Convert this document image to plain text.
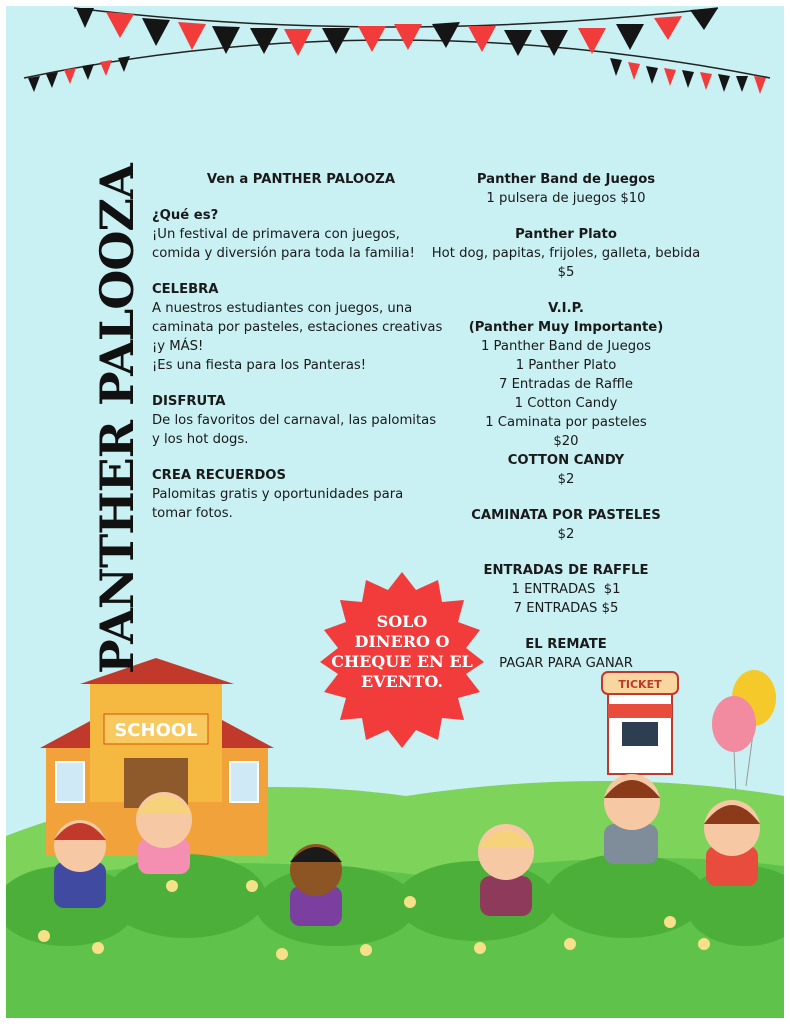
TICKET
SCHOOL
PANTHER PALOOZA	SOLO
DINERO O
CHEQUE EN EL
EVENTO.
Ven a PANTHER PALOOZA
¿Qué es?
¡Un festival de primavera con juegos,
comida y diversión para toda la familia!
CELEBRA
A nuestros estudiantes con juegos, una
caminata por pasteles, estaciones creativas
¡y MÁS!
¡Es una fiesta para los Panteras!
DISFRUTA
De los favoritos del carnaval, las palomitas
y los hot dogs.
CREA RECUERDOS
Palomitas gratis y oportunidades para
tomar fotos.
Panther Band de Juegos
1 pulsera de juegos $10
Panther Plato
Hot dog, papitas, frijoles, galleta, bebida
$5
V.I.P.
(Panther Muy Importante)
1 Panther Band de Juegos
1 Panther Plato
7 Entradas de Raffle
1 Cotton Candy
1 Caminata por pasteles
$20
COTTON CANDY
$2
CAMINATA POR PASTELES
$2
ENTRADAS DE RAFFLE
1 ENTRADAS  $1
7 ENTRADAS $5
EL REMATE
PAGAR PARA GANAR
